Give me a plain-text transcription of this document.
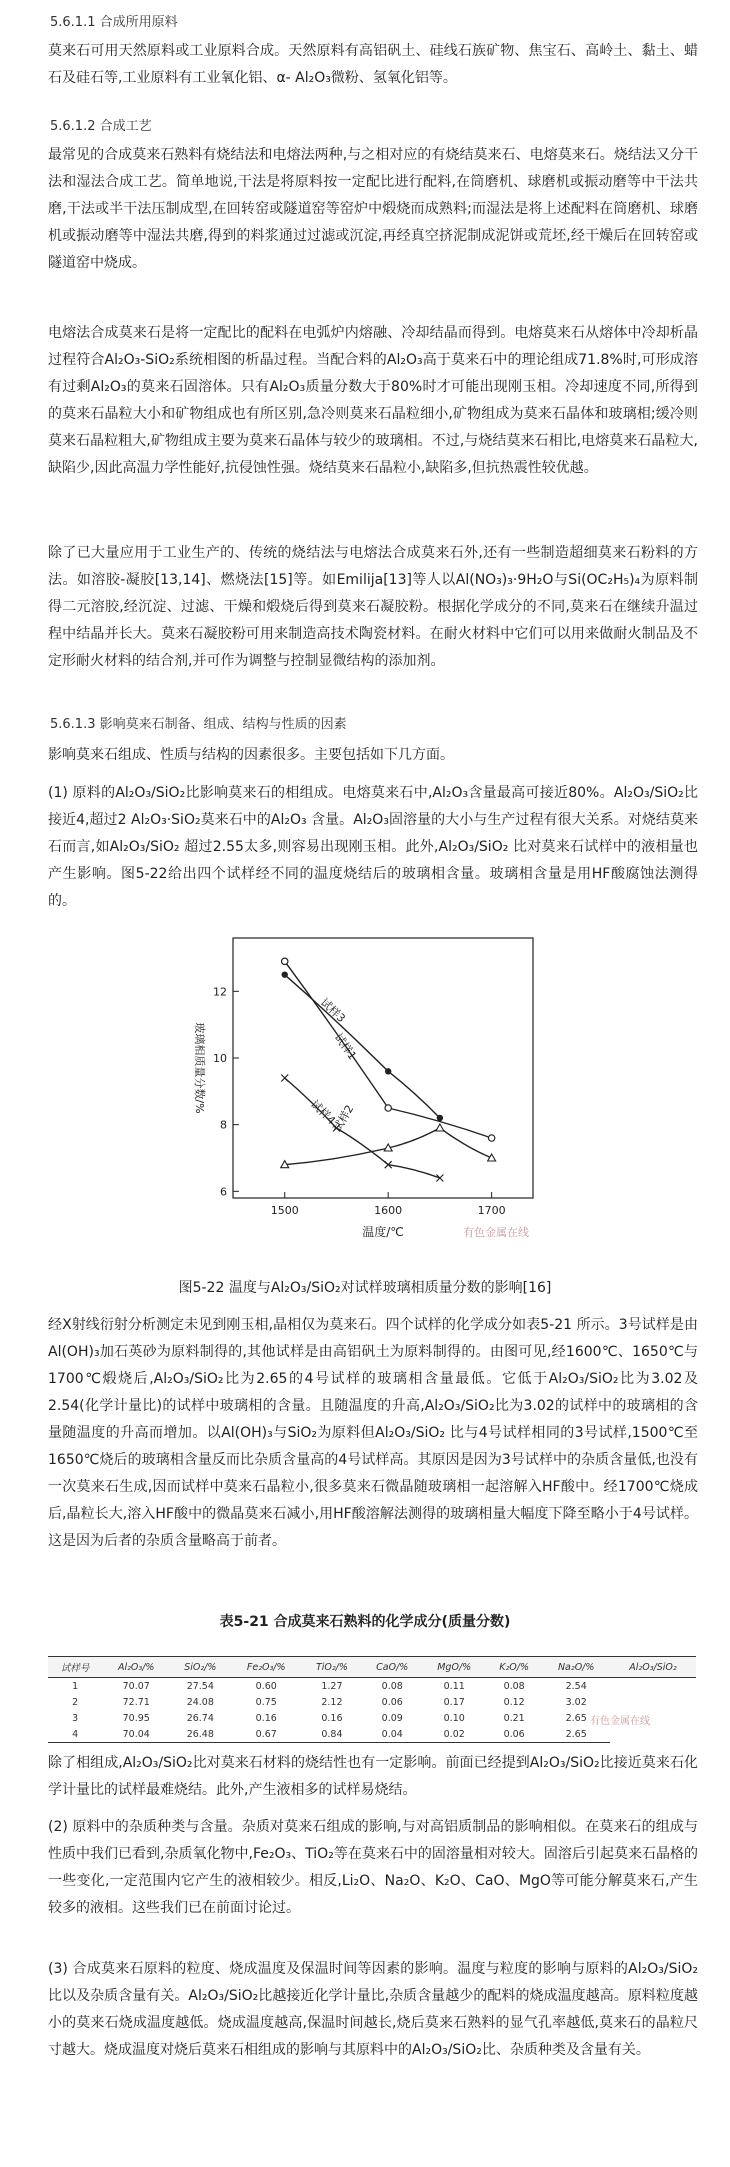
5.6.1.1 合成所用原料
莫来石可用天然原料或工业原料合成。天然原料有高铝矾土、硅线石族矿物、焦宝石、高岭土、黏土、蜡石及硅石等,工业原料有工业氧化铝、α- Al₂O₃微粉、氢氧化铝等。
5.6.1.2 合成工艺
最常见的合成莫来石熟料有烧结法和电熔法两种,与之相对应的有烧结莫来石、电熔莫来石。烧结法又分干法和湿法合成工艺。简单地说,干法是将原料按一定配比进行配料,在筒磨机、球磨机或振动磨等中干法共磨,干法或半干法压制成型,在回转窑或隧道窑等窑炉中煅烧而成熟料;而湿法是将上述配料在筒磨机、球磨机或振动磨等中湿法共磨,得到的料浆通过过滤或沉淀,再经真空挤泥制成泥饼或荒坯,经干燥后在回转窑或隧道窑中烧成。
电熔法合成莫来石是将一定配比的配料在电弧炉内熔融、冷却结晶而得到。电熔莫来石从熔体中冷却析晶过程符合Al₂O₃-SiO₂系统相图的析晶过程。当配合料的Al₂O₃高于莫来石中的理论组成71.8%时,可形成溶有过剩Al₂O₃的莫来石固溶体。只有Al₂O₃质量分数大于80%时才可能出现刚玉相。冷却速度不同,所得到的莫来石晶粒大小和矿物组成也有所区别,急冷则莫来石晶粒细小,矿物组成为莫来石晶体和玻璃相;缓冷则莫来石晶粒粗大,矿物组成主要为莫来石晶体与较少的玻璃相。不过,与烧结莫来石相比,电熔莫来石晶粒大,缺陷少,因此高温力学性能好,抗侵蚀性强。烧结莫来石晶粒小,缺陷多,但抗热震性较优越。
除了已大量应用于工业生产的、传统的烧结法与电熔法合成莫来石外,还有一些制造超细莫来石粉料的方法。如溶胶-凝胶[13,14]、燃烧法[15]等。如Emilija[13]等人以Al(NO₃)₃·9H₂O与Si(OC₂H₅)₄为原料制得二元溶胶,经沉淀、过滤、干燥和煅烧后得到莫来石凝胶粉。根据化学成分的不同,莫来石在继续升温过程中结晶并长大。莫来石凝胶粉可用来制造高技术陶瓷材料。在耐火材料中它们可以用来做耐火制品及不定形耐火材料的结合剂,并可作为调整与控制显微结构的添加剂。
5.6.1.3 影响莫来石制备、组成、结构与性质的因素
影响莫来石组成、性质与结构的因素很多。主要包括如下几方面。
(1) 原料的Al₂O₃/SiO₂比影响莫来石的相组成。电熔莫来石中,Al₂O₃含量最高可接近80%。Al₂O₃/SiO₂比接近4,超过2 Al₂O₃·SiO₂莫来石中的Al₂O₃ 含量。Al₂O₃固溶量的大小与生产过程有很大关系。对烧结莫来石而言,如Al₂O₃/SiO₂ 超过2.55太多,则容易出现刚玉相。此外,Al₂O₃/SiO₂ 比对莫来石试样中的液相量也产生影响。图5-22给出四个试样经不同的温度烧结后的玻璃相含量。玻璃相含量是用HF酸腐蚀法测得的。
1500	1600	1700
6
8
10
12
温度/℃
玻璃相质量分数/%
试样3
试样1
试样4
试样2
有色金属在线
图5-22 温度与Al₂O₃/SiO₂对试样玻璃相质量分数的影响[16]
经X射线衍射分析测定未见到刚玉相,晶相仅为莫来石。四个试样的化学成分如表5-21 所示。3号试样是由Al(OH)₃加石英砂为原料制得的,其他试样是由高铝矾土为原料制得的。由图可见,经1600℃、1650℃与1700℃煅烧后,Al₂O₃/SiO₂比为2.65的4号试样的玻璃相含量最低。它低于Al₂O₃/SiO₂比为3.02及2.54(化学计量比)的试样中玻璃相的含量。且随温度的升高,Al₂O₃/SiO₂比为3.02的试样中的玻璃相的含量随温度的升高而增加。以Al(OH)₃与SiO₂为原料但Al₂O₃/SiO₂ 比与4号试样相同的3号试样,1500℃至1650℃烧后的玻璃相含量反而比杂质含量高的4号试样高。其原因是因为3号试样中的杂质含量低,也没有一次莫来石生成,因而试样中莫来石晶粒小,很多莫来石微晶随玻璃相一起溶解入HF酸中。经1700℃烧成后,晶粒长大,溶入HF酸中的微晶莫来石减小,用HF酸溶解法测得的玻璃相量大幅度下降至略小于4号试样。这是因为后者的杂质含量略高于前者。
表5-21 合成莫来石熟料的化学成分(质量分数)
试样号	Al₂O₃/%	SiO₂/%	Fe₂O₃/%	TiO₂/%	CaO/%	MgO/%	K₂O/%	Na₂O/%	Al₂O₃/SiO₂
1	70.07	27.54	0.60	1.27	0.08	0.11	0.08	2.54	
2	72.71	24.08	0.75	2.12	0.06	0.17	0.12	3.02	
3	70.95	26.74	0.16	0.16	0.09	0.10	0.21	2.65	
4	70.04	26.48	0.67	0.84	0.04	0.02	0.06	2.65	
有色金属在线
除了相组成,Al₂O₃/SiO₂比对莫来石材料的烧结性也有一定影响。前面已经提到Al₂O₃/SiO₂比接近莫来石化学计量比的试样最难烧结。此外,产生液相多的试样易烧结。
(2) 原料中的杂质种类与含量。杂质对莫来石组成的影响,与对高铝质制品的影响相似。在莫来石的组成与性质中我们已看到,杂质氧化物中,Fe₂O₃、TiO₂等在莫来石中的固溶量相对较大。固溶后引起莫来石晶格的一些变化,一定范围内它产生的液相较少。相反,Li₂O、Na₂O、K₂O、CaO、MgO等可能分解莫来石,产生较多的液相。这些我们已在前面讨论过。
(3) 合成莫来石原料的粒度、烧成温度及保温时间等因素的影响。温度与粒度的影响与原料的Al₂O₃/SiO₂比以及杂质含量有关。Al₂O₃/SiO₂比越接近化学计量比,杂质含量越少的配料的烧成温度越高。原料粒度越小的莫来石烧成温度越低。烧成温度越高,保温时间越长,烧后莫来石熟料的显气孔率越低,莫来石的晶粒尺寸越大。烧成温度对烧后莫来石相组成的影响与其原料中的Al₂O₃/SiO₂比、杂质种类及含量有关。
